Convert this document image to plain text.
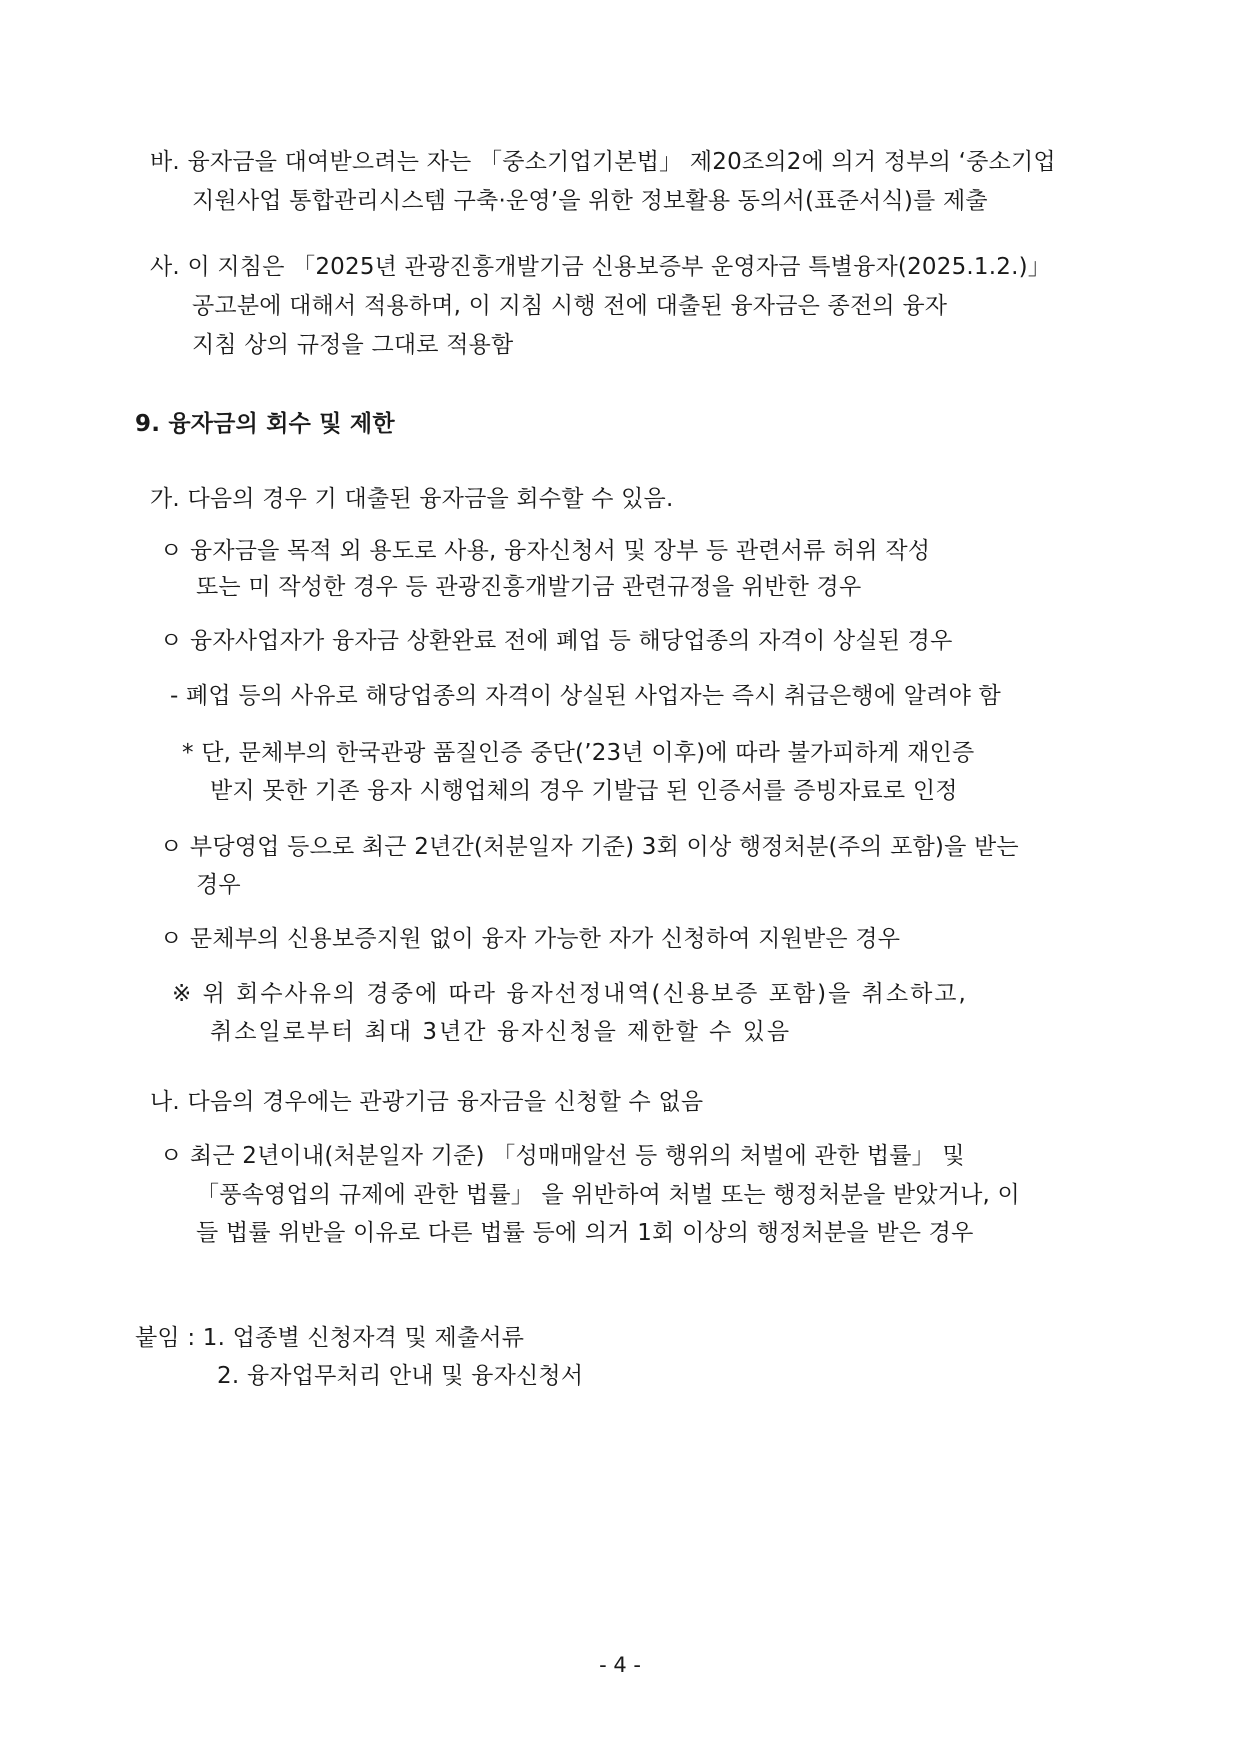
바. 융자금을 대여받으려는 자는 「중소기업기본법」 제20조의2에 의거 정부의 ‘중소기업
지원사업 통합관리시스템 구축·운영’을 위한 정보활용 동의서(표준서식)를 제출
사. 이 지침은 「2025년 관광진흥개발기금 신용보증부 운영자금 특별융자(2025.1.2.)」
공고분에 대해서 적용하며, 이 지침 시행 전에 대출된 융자금은 종전의 융자
지침 상의 규정을 그대로 적용함
9. 융자금의 회수 및 제한
가. 다음의 경우 기 대출된 융자금을 회수할 수 있음.
ㅇ 융자금을 목적 외 용도로 사용, 융자신청서 및 장부 등 관련서류 허위 작성
또는 미 작성한 경우 등 관광진흥개발기금 관련규정을 위반한 경우
ㅇ 융자사업자가 융자금 상환완료 전에 폐업 등 해당업종의 자격이 상실된 경우
- 폐업 등의 사유로 해당업종의 자격이 상실된 사업자는 즉시 취급은행에 알려야 함
* 단, 문체부의 한국관광 품질인증 중단(’23년 이후)에 따라 불가피하게 재인증
받지 못한 기존 융자 시행업체의 경우 기발급 된 인증서를 증빙자료로 인정
ㅇ 부당영업 등으로 최근 2년간(처분일자 기준) 3회 이상 행정처분(주의 포함)을 받는
경우
ㅇ 문체부의 신용보증지원 없이 융자 가능한 자가 신청하여 지원받은 경우
※ 위 회수사유의 경중에 따라 융자선정내역(신용보증 포함)을 취소하고,
취소일로부터 최대 3년간 융자신청을 제한할 수 있음
나. 다음의 경우에는 관광기금 융자금을 신청할 수 없음
ㅇ 최근 2년이내(처분일자 기준) 「성매매알선 등 행위의 처벌에 관한 법률」 및
「풍속영업의 규제에 관한 법률」 을 위반하여 처벌 또는 행정처분을 받았거나, 이
들 법률 위반을 이유로 다른 법률 등에 의거 1회 이상의 행정처분을 받은 경우
붙임 : 1. 업종별 신청자격 및 제출서류
2. 융자업무처리 안내 및 융자신청서
- 4 -
